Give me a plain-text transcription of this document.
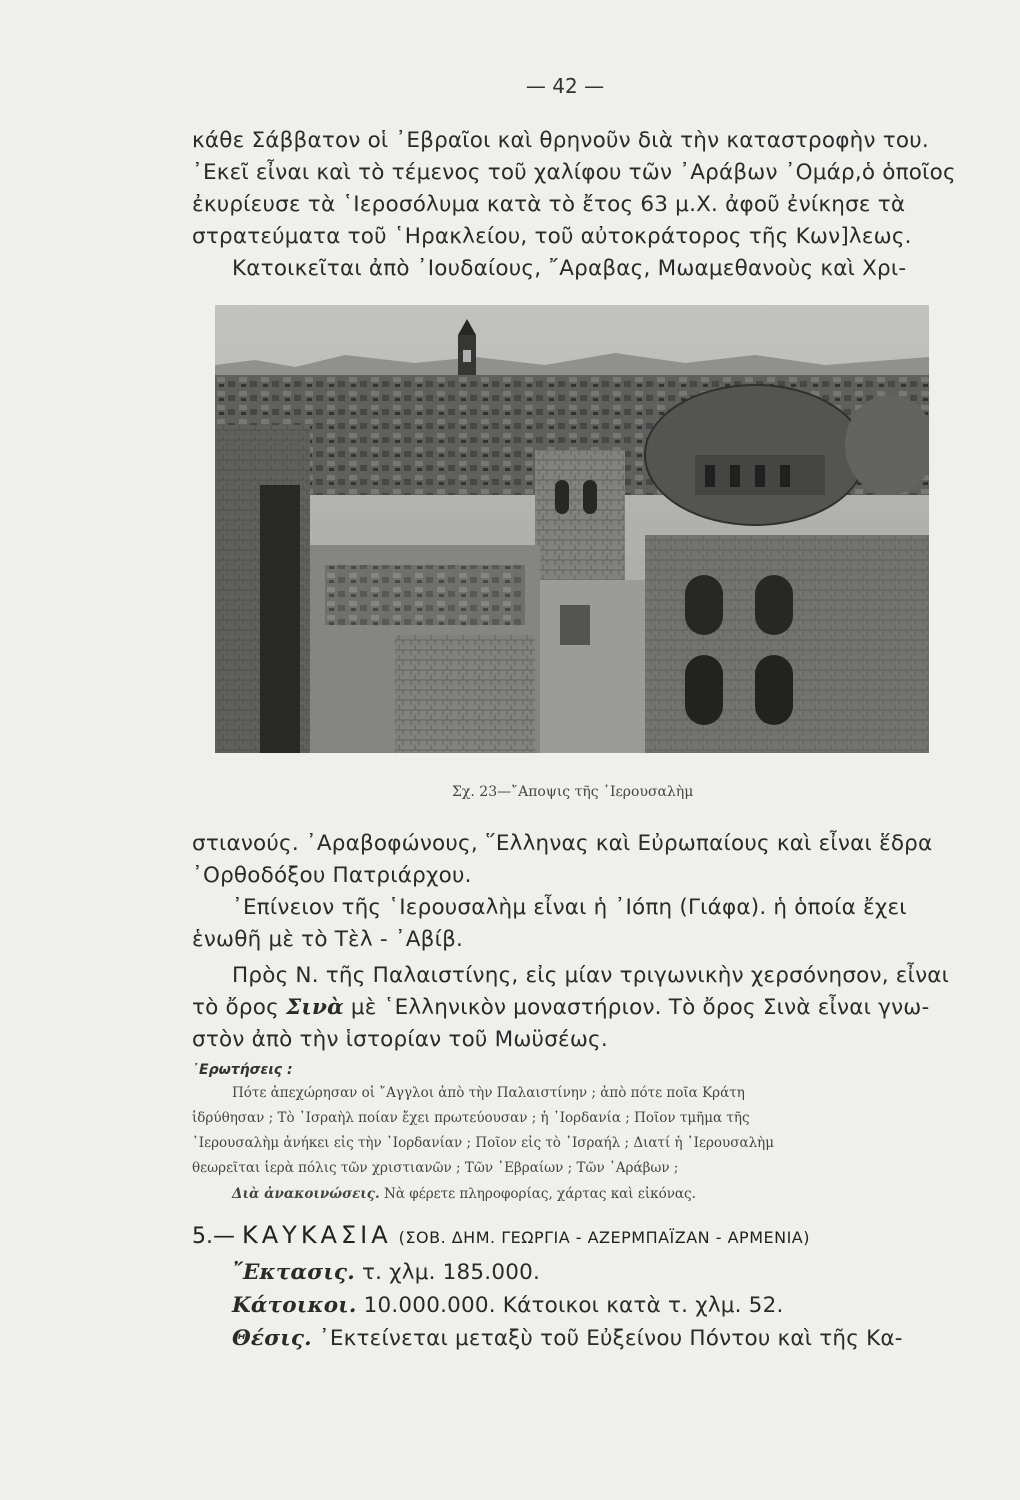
— 42 —
κάθε Σάββατον οἱ ᾿Εβραῖοι καὶ θρηνοῦν διὰ τὴν καταστροφὴν του.
᾿Εκεῖ εἶναι καὶ τὸ τέμενος τοῦ χαλίφου τῶν ᾿Αράβων ᾿Ομάρ,ὁ ὁποῖος
ἐκυρίευσε τὰ ῾Ιεροσόλυμα κατὰ τὸ ἔτος 63 μ.Χ. ἀφοῦ ἐνίκησε τὰ
στρατεύματα τοῦ ῾Ηρακλείου, τοῦ αὐτοκράτορος τῆς Κων]λεως.
Κατοικεῖται ἀπὸ ᾿Ιουδαίους, ῎Αραβας, Μωαμεθανοὺς καὶ Χρι-
Σχ. 23—῎Αποψις τῆς ῾Ιερουσαλὴμ
στιανούς. ᾿Αραβοφώνους, ῞Ελληνας καὶ Εὐρωπαίους καὶ εἶναι ἕδρα
᾿Ορθοδόξου Πατριάρχου.
᾿Επίνειον τῆς ῾Ιερουσαλὴμ εἶναι ἡ ᾿Ιόπη (Γιάφα). ἡ ὁποία ἔχει
ἑνωθῆ μὲ τὸ Τὲλ - ᾿Αβίβ.
Πρὸς Ν. τῆς Παλαιστίνης, εἰς μίαν τριγωνικὴν χερσόνησον, εἶναι
τὸ ὄρος Σινὰ μὲ ῾Ελληνικὸν μοναστήριον. Τὸ ὄρος Σινὰ εἶναι γνω-
στὸν ἀπὸ τὴν ἱστορίαν τοῦ Μωϋσέως.
᾿Ερωτήσεις :
Πότε ἀπεχώρησαν οἱ ῎Αγγλοι ἀπὸ τὴν Παλαιστίνην ; ἀπὸ πότε ποῖα Κράτη
ἱδρύθησαν ; Τὸ ᾿Ισραὴλ ποίαν ἔχει πρωτεύουσαν ; ἡ ᾿Ιορδανία ; Ποῖον τμῆμα τῆς
῾Ιερουσαλὴμ ἀνήκει εἰς τὴν ᾿Ιορδανίαν ; Ποῖον εἰς τὸ ᾿Ισραήλ ; Διατί ἡ ῾Ιερουσαλὴμ
θεωρεῖται ἱερὰ πόλις τῶν χριστιανῶν ; Τῶν ῾Εβραίων ; Τῶν ᾿Αράβων ;
Διὰ ἀνακοινώσεις. Νὰ φέρετε πληροφορίας, χάρτας καὶ εἰκόνας.
5.— ΚΑΥΚΑΣΙΑ (ΣΟΒ. ΔΗΜ. ΓΕΩΡΓΙΑ - ΑΖΕΡΜΠΑΪΖΑΝ - ΑΡΜΕΝΙΑ)
῎Εκτασις. τ. χλμ. 185.000.
Κάτοικοι. 10.000.000. Κάτοικοι κατὰ τ. χλμ. 52.
Θέσις. ᾿Εκτείνεται μεταξὺ τοῦ Εὐξείνου Πόντου καὶ τῆς Κα-
